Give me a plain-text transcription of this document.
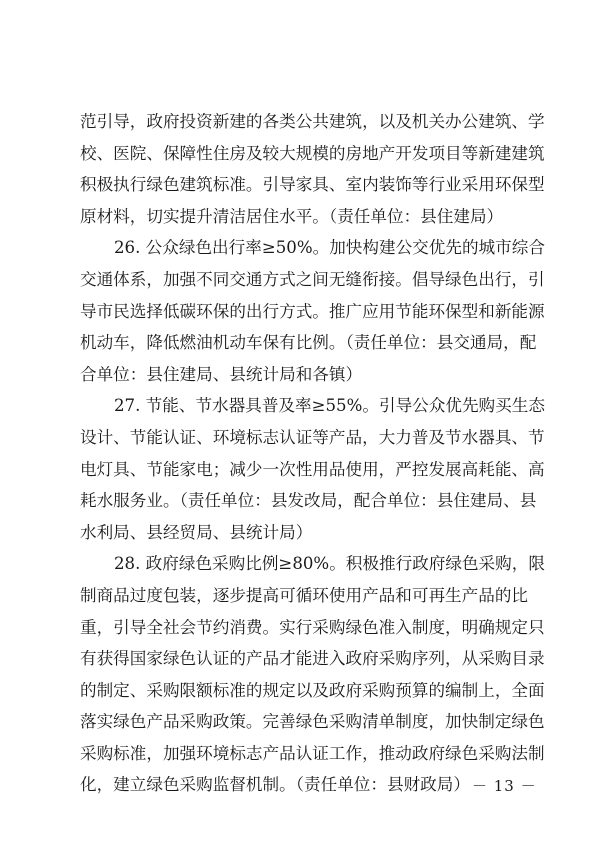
范引导，政府投资新建的各类公共建筑，以及机关办公建筑、学
校、医院、保障性住房及较大规模的房地产开发项目等新建建筑
积极执行绿色建筑标准。引导家具、室内装饰等行业采用环保型
原材料，切实提升清洁居住水平。（责任单位：县住建局）
26. 公众绿色出行率≥50%。加快构建公交优先的城市综合
交通体系，加强不同交通方式之间无缝衔接。倡导绿色出行，引
导市民选择低碳环保的出行方式。推广应用节能环保型和新能源
机动车，降低燃油机动车保有比例。（责任单位：县交通局，配
合单位：县住建局、县统计局和各镇）
27. 节能、节水器具普及率≥55%。引导公众优先购买生态
设计、节能认证、环境标志认证等产品，大力普及节水器具、节
电灯具、节能家电；减少一次性用品使用，严控发展高耗能、高
耗水服务业。（责任单位：县发改局，配合单位：县住建局、县
水利局、县经贸局、县统计局）
28. 政府绿色采购比例≥80%。积极推行政府绿色采购，限
制商品过度包装，逐步提高可循环使用产品和可再生产品的比
重，引导全社会节约消费。实行采购绿色准入制度，明确规定只
有获得国家绿色认证的产品才能进入政府采购序列，从采购目录
的制定、采购限额标准的规定以及政府采购预算的编制上，全面
落实绿色产品采购政策。完善绿色采购清单制度，加快制定绿色
采购标准，加强环境标志产品认证工作，推动政府绿色采购法制
化，建立绿色采购监督机制。（责任单位：县财政局） － 13 －
